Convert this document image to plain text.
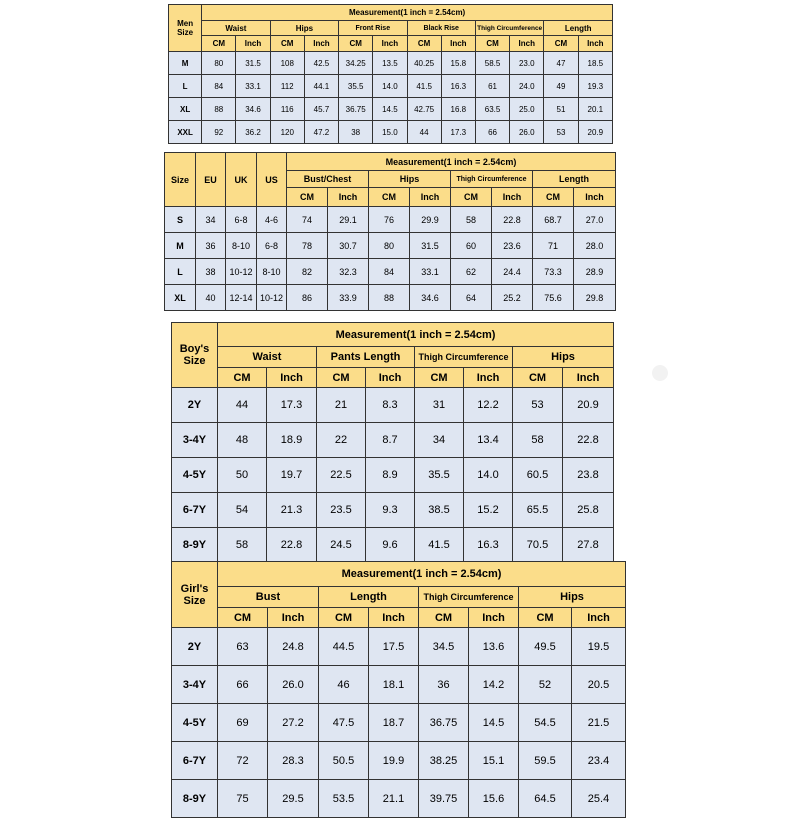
Men
Size	Measurement(1 inch = 2.54cm)											
	Waist		Hips		Front Rise		Black Rise		Thigh Circumference		Length	
	CM	Inch	CM	Inch	CM	Inch	CM	Inch	CM	Inch	CM	Inch
M	80	31.5	108	42.5	34.25	13.5	40.25	15.8	58.5	23.0	47	18.5
L	84	33.1	112	44.1	35.5	14.0	41.5	16.3	61	24.0	49	19.3
XL	88	34.6	116	45.7	36.75	14.5	42.75	16.8	63.5	25.0	51	20.1
XXL	92	36.2	120	47.2	38	15.0	44	17.3	66	26.0	53	20.9
Size	EU	UK	US	Measurement(1 inch = 2.54cm)							
				Bust/Chest		Hips		Thigh Circumference		Length	
				CM	Inch	CM	Inch	CM	Inch	CM	Inch
S	34	6-8	4-6	74	29.1	76	29.9	58	22.8	68.7	27.0
M	36	8-10	6-8	78	30.7	80	31.5	60	23.6	71	28.0
L	38	10-12	8-10	82	32.3	84	33.1	62	24.4	73.3	28.9
XL	40	12-14	10-12	86	33.9	88	34.6	64	25.2	75.6	29.8
Boy's
Size	Measurement(1 inch = 2.54cm)							
	Waist		Pants Length		Thigh Circumference		Hips	
	CM	Inch	CM	Inch	CM	Inch	CM	Inch
2Y	44	17.3	21	8.3	31	12.2	53	20.9
3-4Y	48	18.9	22	8.7	34	13.4	58	22.8
4-5Y	50	19.7	22.5	8.9	35.5	14.0	60.5	23.8
6-7Y	54	21.3	23.5	9.3	38.5	15.2	65.5	25.8
8-9Y	58	22.8	24.5	9.6	41.5	16.3	70.5	27.8
Girl's
Size	Measurement(1 inch = 2.54cm)							
	Bust		Length		Thigh Circumference		Hips	
	CM	Inch	CM	Inch	CM	Inch	CM	Inch
2Y	63	24.8	44.5	17.5	34.5	13.6	49.5	19.5
3-4Y	66	26.0	46	18.1	36	14.2	52	20.5
4-5Y	69	27.2	47.5	18.7	36.75	14.5	54.5	21.5
6-7Y	72	28.3	50.5	19.9	38.25	15.1	59.5	23.4
8-9Y	75	29.5	53.5	21.1	39.75	15.6	64.5	25.4
